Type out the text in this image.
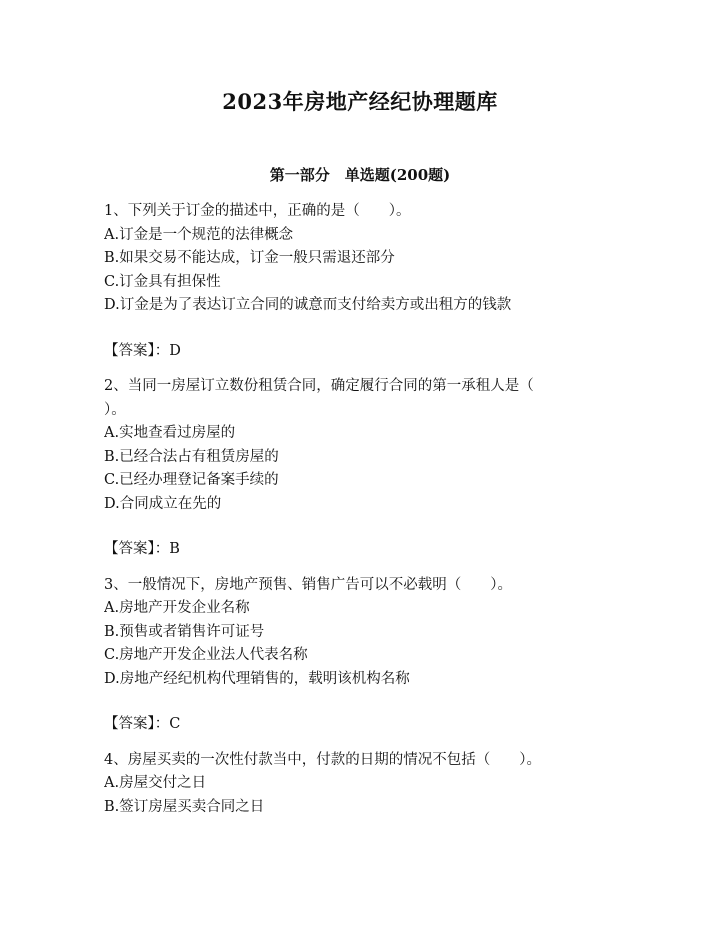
2023年房地产经纪协理题库
第一部分　单选题(200题)
1、下列关于订金的描述中，正确的是（　　）。
A.订金是一个规范的法律概念
B.如果交易不能达成，订金一般只需退还部分
C.订金具有担保性
D.订金是为了表达订立合同的诚意而支付给卖方或出租方的钱款
【答案】：D
2、当同一房屋订立数份租赁合同，确定履行合同的第一承租人是（
）。
A.实地查看过房屋的
B.已经合法占有租赁房屋的
C.已经办理登记备案手续的
D.合同成立在先的
【答案】：B
3、一般情况下，房地产预售、销售广告可以不必载明（　　）。
A.房地产开发企业名称
B.预售或者销售许可证号
C.房地产开发企业法人代表名称
D.房地产经纪机构代理销售的，载明该机构名称
【答案】：C
4、房屋买卖的一次性付款当中，付款的日期的情况不包括（　　）。
A.房屋交付之日
B.签订房屋买卖合同之日
